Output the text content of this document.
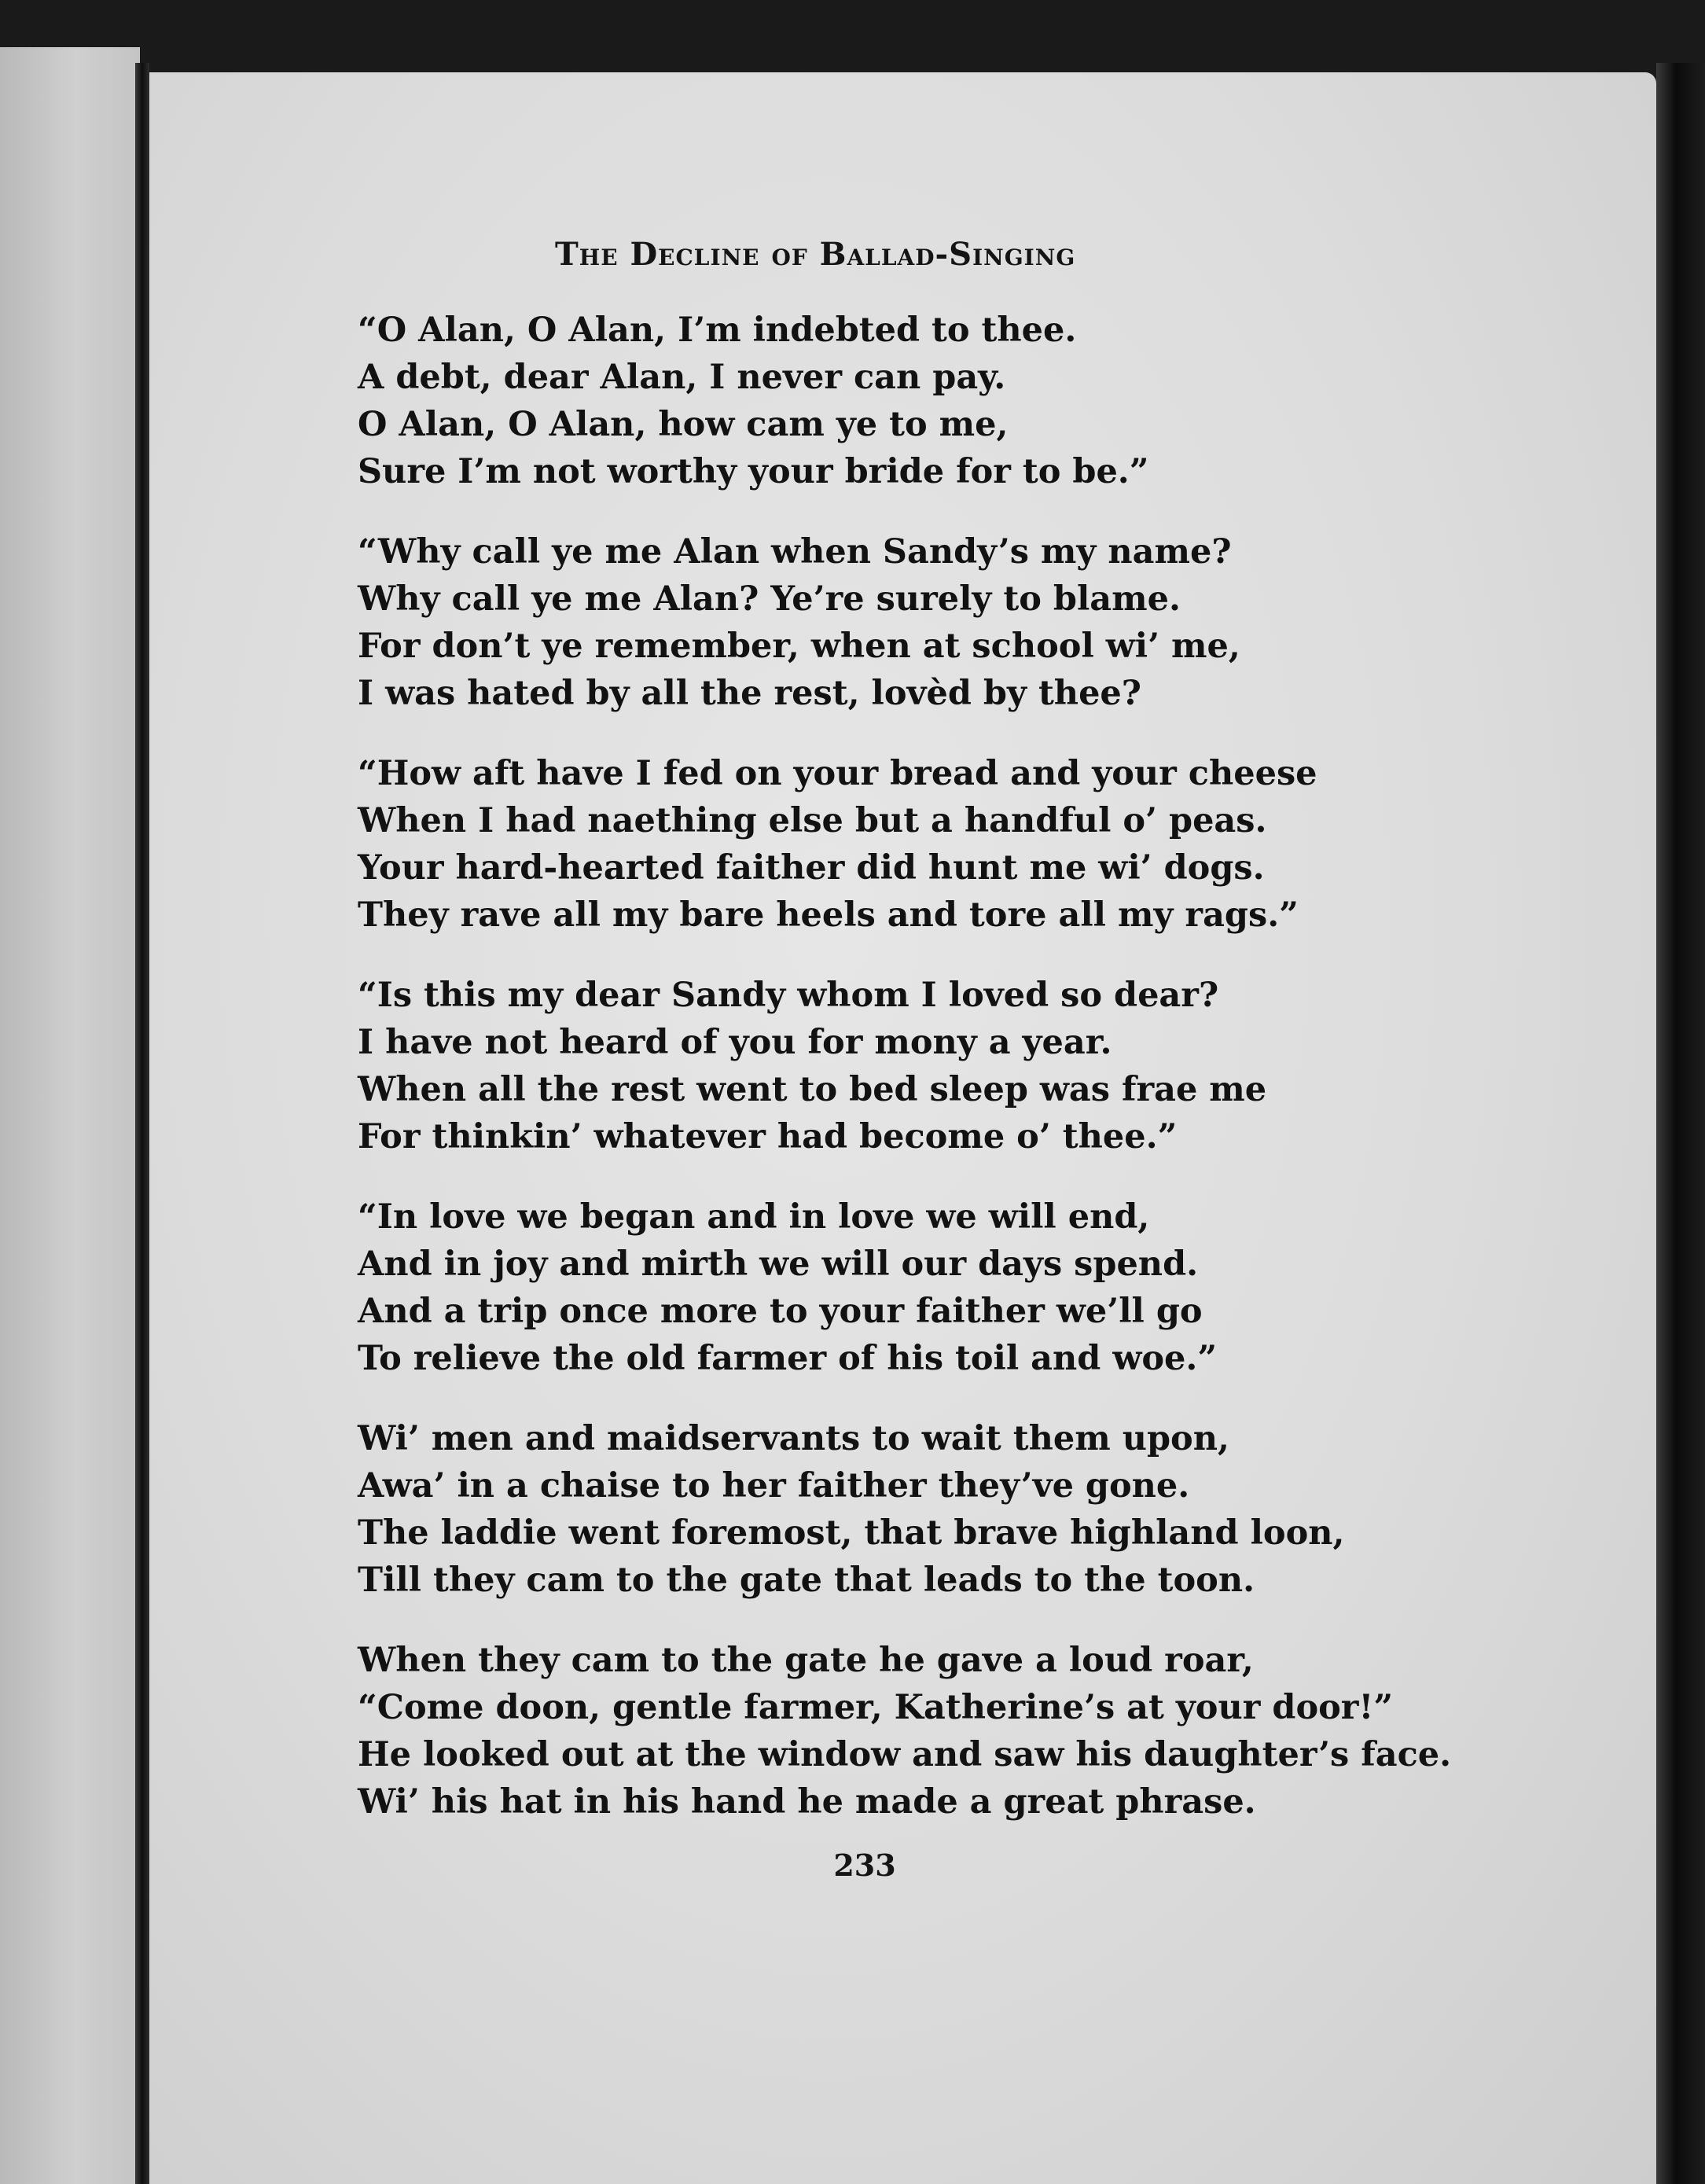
The Decline of Ballad-Singing
“O Alan, O Alan, I’m indebted to thee.
A debt, dear Alan, I never can pay.
O Alan, O Alan, how cam ye to me,
Sure I’m not worthy your bride for to be.”
“Why call ye me Alan when Sandy’s my name?
Why call ye me Alan? Ye’re surely to blame.
For don’t ye remember, when at school wi’ me,
I was hated by all the rest, lovèd by thee?
“How aft have I fed on your bread and your cheese
When I had naething else but a handful o’ peas.
Your hard-hearted faither did hunt me wi’ dogs.
They rave all my bare heels and tore all my rags.”
“Is this my dear Sandy whom I loved so dear?
I have not heard of you for mony a year.
When all the rest went to bed sleep was frae me
For thinkin’ whatever had become o’ thee.”
“In love we began and in love we will end,
And in joy and mirth we will our days spend.
And a trip once more to your faither we’ll go
To relieve the old farmer of his toil and woe.”
Wi’ men and maidservants to wait them upon,
Awa’ in a chaise to her faither they’ve gone.
The laddie went foremost, that brave highland loon,
Till they cam to the gate that leads to the toon.
When they cam to the gate he gave a loud roar,
“Come doon, gentle farmer, Katherine’s at your door!”
He looked out at the window and saw his daughter’s face.
Wi’ his hat in his hand he made a great phrase.
233
